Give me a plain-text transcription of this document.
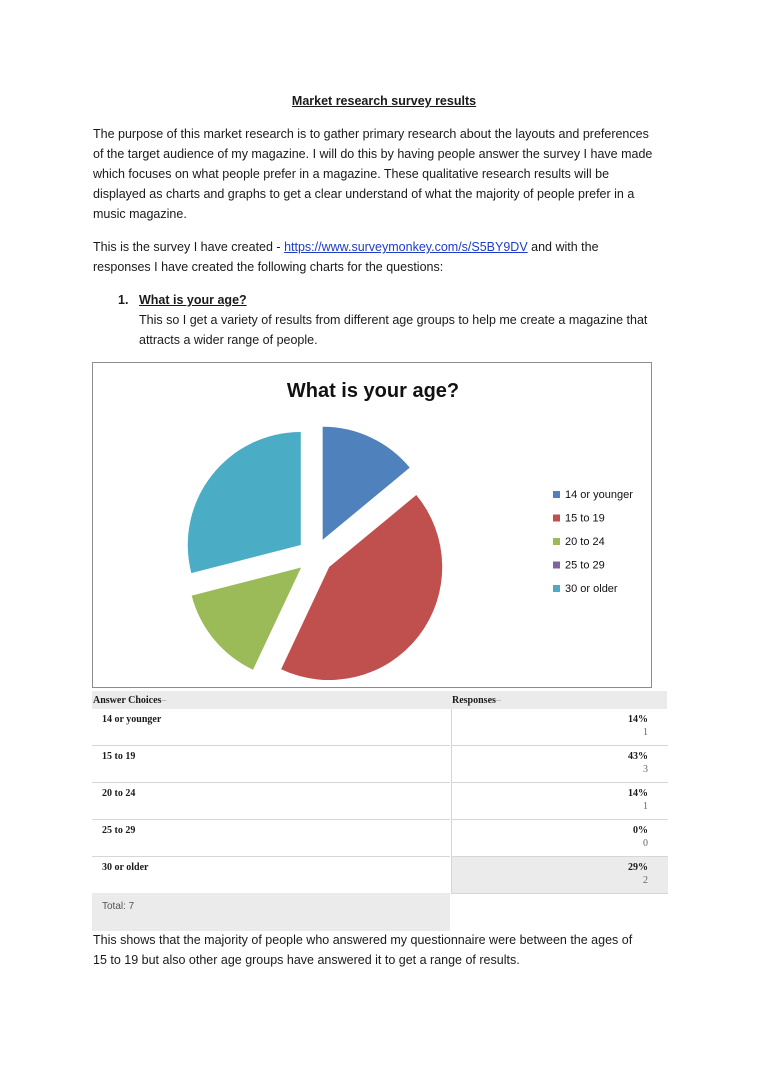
Market research survey results
The purpose of this market research is to gather primary research about the layouts and preferences
of the target audience of my magazine. I will do this by having people answer the survey I have made
which focuses on what people prefer in a magazine. These qualitative research results will be
displayed as charts and graphs to get a clear understand of what the majority of people prefer in a
music magazine.
This is the survey I have created - https://www.surveymonkey.com/s/S5BY9DV and with the
responses I have created the following charts for the questions:
1. What is your age?
This so I get a variety of results from different age groups to help me create a magazine that
attracts a wider range of people.
What is your age?
14 or younger
15 to 19
20 to 24
25 to 29
30 or older
Answer Choices–	Responses–
14 or younger	14%
1
15 to 19	43%
3
20 to 24	14%
1
25 to 29	0%
0
30 or older	29%
2
Total: 7
This shows that the majority of people who answered my questionnaire were between the ages of
15 to 19 but also other age groups have answered it to get a range of results.
